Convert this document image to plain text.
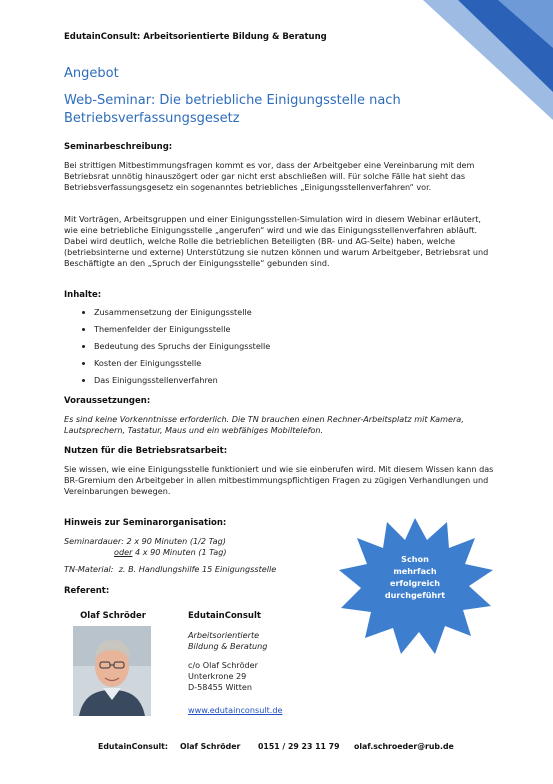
EdutainConsult: Arbeitsorientierte Bildung & Beratung
Angebot
Web-Seminar: Die betriebliche Einigungsstelle nach Betriebsverfassungsgesetz
Seminarbeschreibung:
Bei strittigen Mitbestimmungsfragen kommt es vor, dass der Arbeitgeber eine Vereinbarung mit dem Betriebsrat unnötig hinauszögert oder gar nicht erst abschließen will. Für solche Fälle hat sieht das Betriebsverfassungsgesetz ein sogenanntes betriebliches „Einigungsstellenverfahren“ vor.
Mit Vorträgen, Arbeitsgruppen und einer Einigungsstellen-Simulation wird in diesem Webinar erläutert, wie eine betriebliche Einigungsstelle „angerufen“ wird und wie das Einigungsstellenverfahren abläuft. Dabei wird deutlich, welche Rolle die betrieblichen Beteiligten (BR- und AG-Seite) haben, welche (betriebsinterne und externe) Unterstützung sie nutzen können und warum Arbeitgeber, Betriebsrat und Beschäftigte an den „Spruch der Einigungsstelle“ gebunden sind.
Inhalte:
• Zusammensetzung der Einigungsstelle
• Themenfelder der Einigungsstelle
• Bedeutung des Spruchs der Einigungsstelle
• Kosten der Einigungsstelle
• Das Einigungsstellenverfahren
Voraussetzungen:
Es sind keine Vorkenntnisse erforderlich. Die TN brauchen einen Rechner-Arbeitsplatz mit Kamera, Lautsprechern, Tastatur, Maus und ein webfähiges Mobiltelefon.
Nutzen für die Betriebsratsarbeit:
Sie wissen, wie eine Einigungsstelle funktioniert und wie sie einberufen wird. Mit diesem Wissen kann das BR-Gremium den Arbeitgeber in allen mitbestimmungspflichtigen Fragen zu zügigen Verhandlungen und Vereinbarungen bewegen.
Hinweis zur Seminarorganisation:
Seminardauer: 2 x 90 Minuten (1/2 Tag)
oder 4 x 90 Minuten (1 Tag)
TN-Material: z. B. Handlungshilfe 15 Einigungsstelle
Schon
mehrfach
erfolgreich
durchgeführt
Referent:
Olaf Schröder	EdutainConsult
Arbeitsorientierte
Bildung & Beratung
c/o Olaf Schröder
Unterkrone 29
D-58455 Witten
www.edutainconsult.de
EdutainConsult: Olaf Schröder 0151 / 29 23 11 79 olaf.schroeder@rub.de
